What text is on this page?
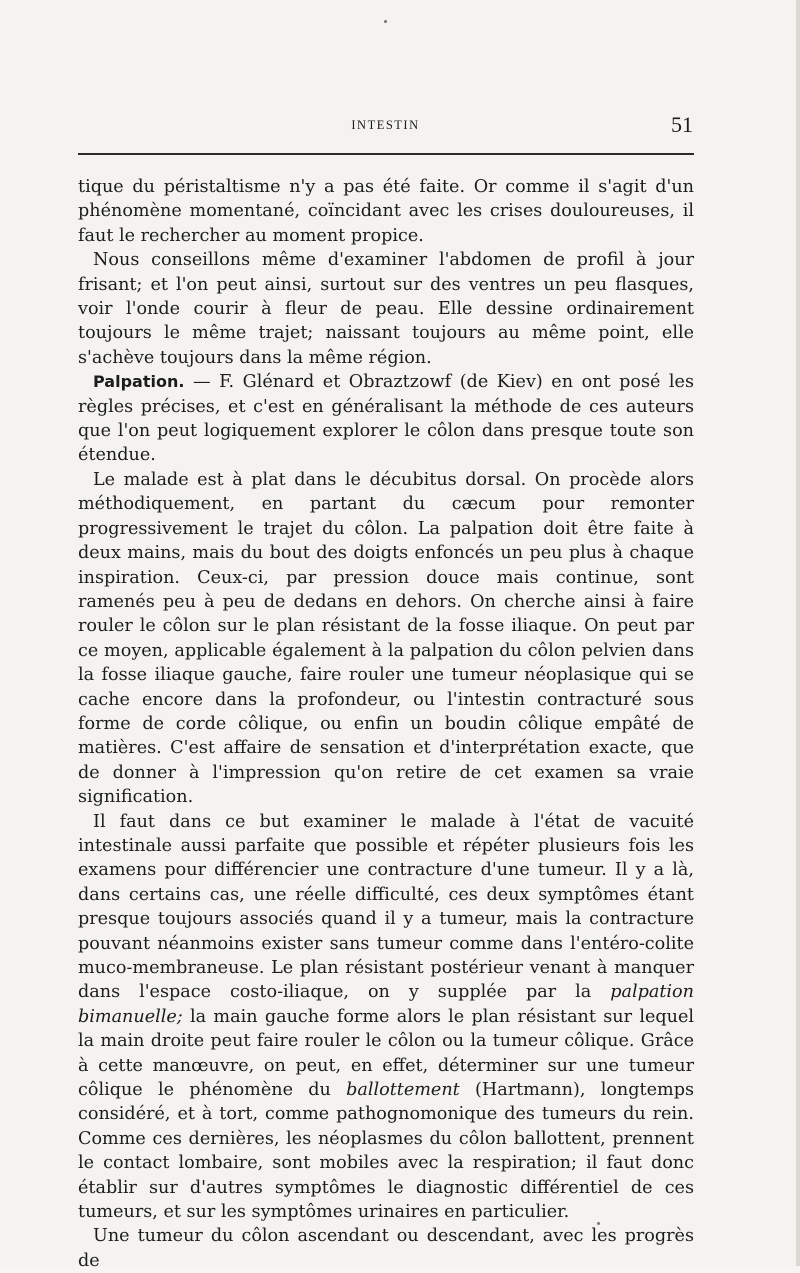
INTESTIN	51

tique du péristaltisme n'y a pas été faite. Or comme il s'agit d'un phénomène momentané, coïncidant avec les crises douloureuses, il faut le rechercher au moment propice.

Nous conseillons même d'examiner l'abdomen de profil à jour frisant; et l'on peut ainsi, surtout sur des ventres un peu flasques, voir l'onde courir à fleur de peau. Elle dessine ordinairement toujours le même trajet; naissant toujours au même point, elle s'achève toujours dans la même région.

Palpation. — F. Glénard et Obraztzowf (de Kiev) en ont posé les règles précises, et c'est en généralisant la méthode de ces auteurs que l'on peut logiquement explorer le côlon dans presque toute son étendue.

Le malade est à plat dans le décubitus dorsal. On procède alors méthodiquement, en partant du cæcum pour remonter progressivement le trajet du côlon. La palpation doit être faite à deux mains, mais du bout des doigts enfoncés un peu plus à chaque inspiration. Ceux-ci, par pression douce mais continue, sont ramenés peu à peu de dedans en dehors. On cherche ainsi à faire rouler le côlon sur le plan résistant de la fosse iliaque. On peut par ce moyen, applicable également à la palpation du côlon pelvien dans la fosse iliaque gauche, faire rouler une tumeur néoplasique qui se cache encore dans la profondeur, ou l'intestin contracturé sous forme de corde côlique, ou enfin un boudin côlique empâté de matières. C'est affaire de sensation et d'interprétation exacte, que de donner à l'impression qu'on retire de cet examen sa vraie signification.

Il faut dans ce but examiner le malade à l'état de vacuité intestinale aussi parfaite que possible et répéter plusieurs fois les examens pour différencier une contracture d'une tumeur. Il y a là, dans certains cas, une réelle difficulté, ces deux symptômes étant presque toujours associés quand il y a tumeur, mais la contracture pouvant néanmoins exister sans tumeur comme dans l'entéro-colite muco-membraneuse. Le plan résistant postérieur venant à manquer dans l'espace costo-iliaque, on y supplée par la palpation bimanuelle; la main gauche forme alors le plan résistant sur lequel la main droite peut faire rouler le côlon ou la tumeur côlique. Grâce à cette manœuvre, on peut, en effet, déterminer sur une tumeur côlique le phénomène du ballottement (Hartmann), longtemps considéré, et à tort, comme pathognomonique des tumeurs du rein. Comme ces dernières, les néoplasmes du côlon ballottent, prennent le contact lombaire, sont mobiles avec la respiration; il faut donc établir sur d'autres symptômes le diagnostic différentiel de ces tumeurs, et sur les symptômes urinaires en particulier.

Une tumeur du côlon ascendant ou descendant, avec les progrès de
